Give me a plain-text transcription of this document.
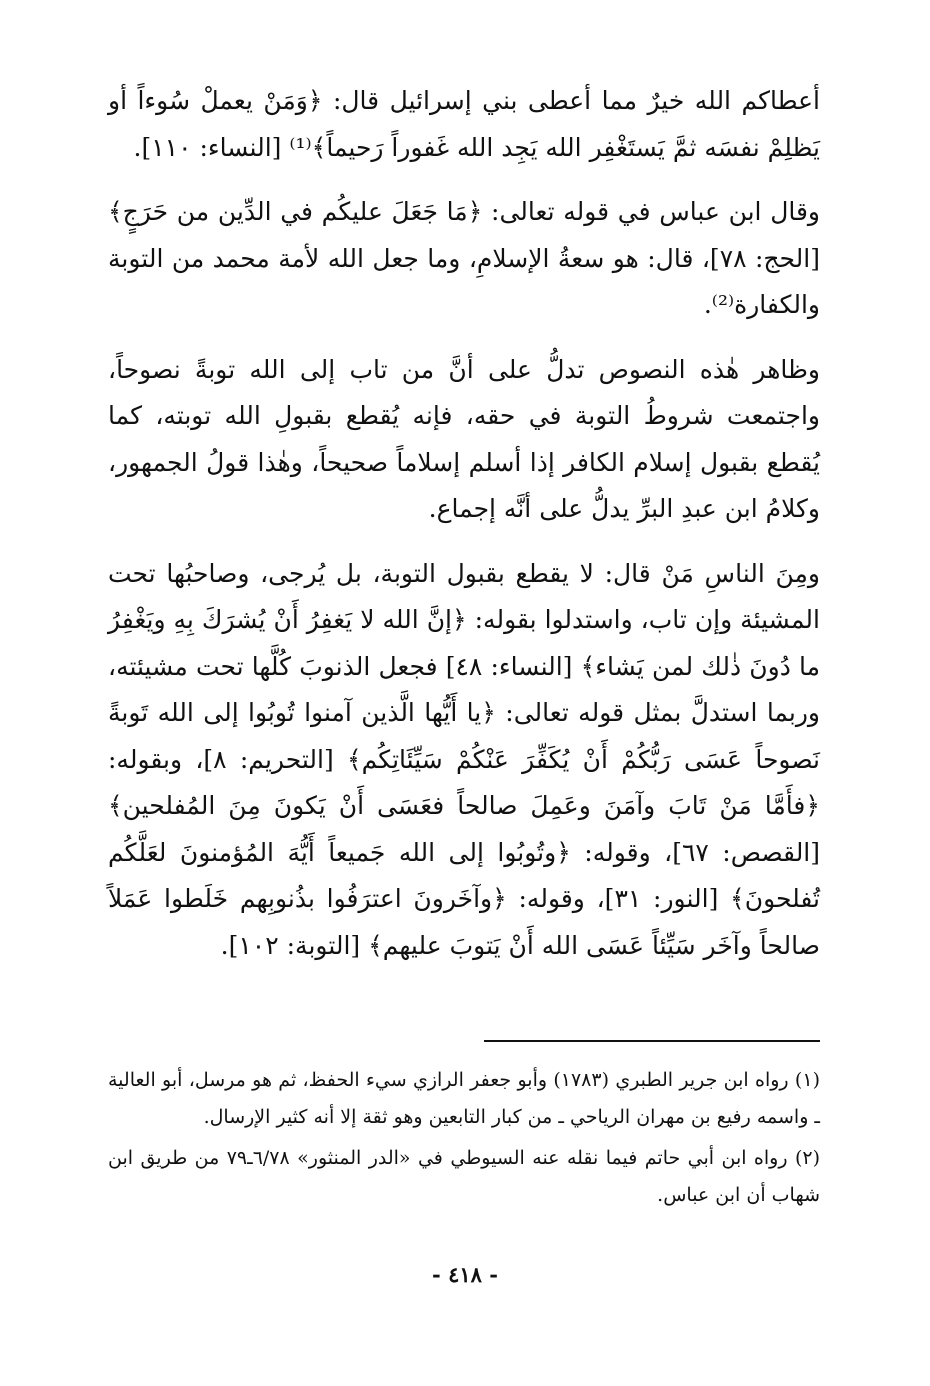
أعطاكم الله خيرٌ مما أعطى بني إسرائيل قال: ﴿وَمَنْ يعملْ سُوءاً أو يَظلِمْ نفسَه ثمَّ يَستَغْفِر الله يَجِد الله غَفوراً رَحيماً﴾⁽¹⁾ [النساء: ١١٠].

وقال ابن عباس في قوله تعالى: ﴿مَا جَعَلَ عليكُم في الدِّين من حَرَجٍ﴾ [الحج: ٧٨]، قال: هو سعةُ الإسلامِ، وما جعل الله لأمة محمد من التوبة والكفارة⁽²⁾.

وظاهر هٰذه النصوص تدلُّ على أنَّ من تاب إلى الله توبةً نصوحاً، واجتمعت شروطُ التوبة في حقه، فإنه يُقطع بقبولِ الله توبته، كما يُقطع بقبول إسلام الكافر إذا أسلم إسلاماً صحيحاً، وهٰذا قولُ الجمهور، وكلامُ ابن عبدِ البرِّ يدلُّ على أنَّه إجماع.

ومِنَ الناسِ مَنْ قال: لا يقطع بقبول التوبة، بل يُرجى، وصاحبُها تحت المشيئة وإن تاب، واستدلوا بقوله: ﴿إنَّ الله لا يَغفِرُ أَنْ يُشرَكَ بِهِ ويَغْفِرُ ما دُونَ ذٰلك لمن يَشاء﴾ [النساء: ٤٨] فجعل الذنوبَ كُلَّها تحت مشيئته، وربما استدلَّ بمثل قوله تعالى: ﴿يا أَيُّها الَّذين آمنوا تُوبُوا إلى الله تَوبةً نَصوحاً عَسَى رَبُّكُمْ أَنْ يُكَفِّرَ عَنْكُمْ سَيِّئَاتِكُم﴾ [التحريم: ٨]، وبقوله: ﴿فأَمَّا مَنْ تَابَ وآمَنَ وعَمِلَ صالحاً فعَسَى أَنْ يَكونَ مِنَ المُفلحين﴾ [القصص: ٦٧]، وقوله: ﴿وتُوبُوا إلى الله جَميعاً أَيُّهَ المُؤمنونَ لعَلَّكُم تُفلحونَ﴾ [النور: ٣١]، وقوله: ﴿وآخَرونَ اعترَفُوا بذُنوبِهم خَلَطوا عَمَلاً صالحاً وآخَر سَيِّئاً عَسَى الله أَنْ يَتوبَ عليهم﴾ [التوبة: ١٠٢].

(١) رواه ابن جرير الطبري (١٧٨٣) وأبو جعفر الرازي سيء الحفظ، ثم هو مرسل، أبو العالية ـ واسمه رفيع بن مهران الرياحي ـ من كبار التابعين وهو ثقة إلا أنه كثير الإرسال.

(٢) رواه ابن أبي حاتم فيما نقله عنه السيوطي في «الدر المنثور» ٦/٧٨ـ٧٩ من طريق ابن شهاب أن ابن عباس.

- ٤١٨ -
